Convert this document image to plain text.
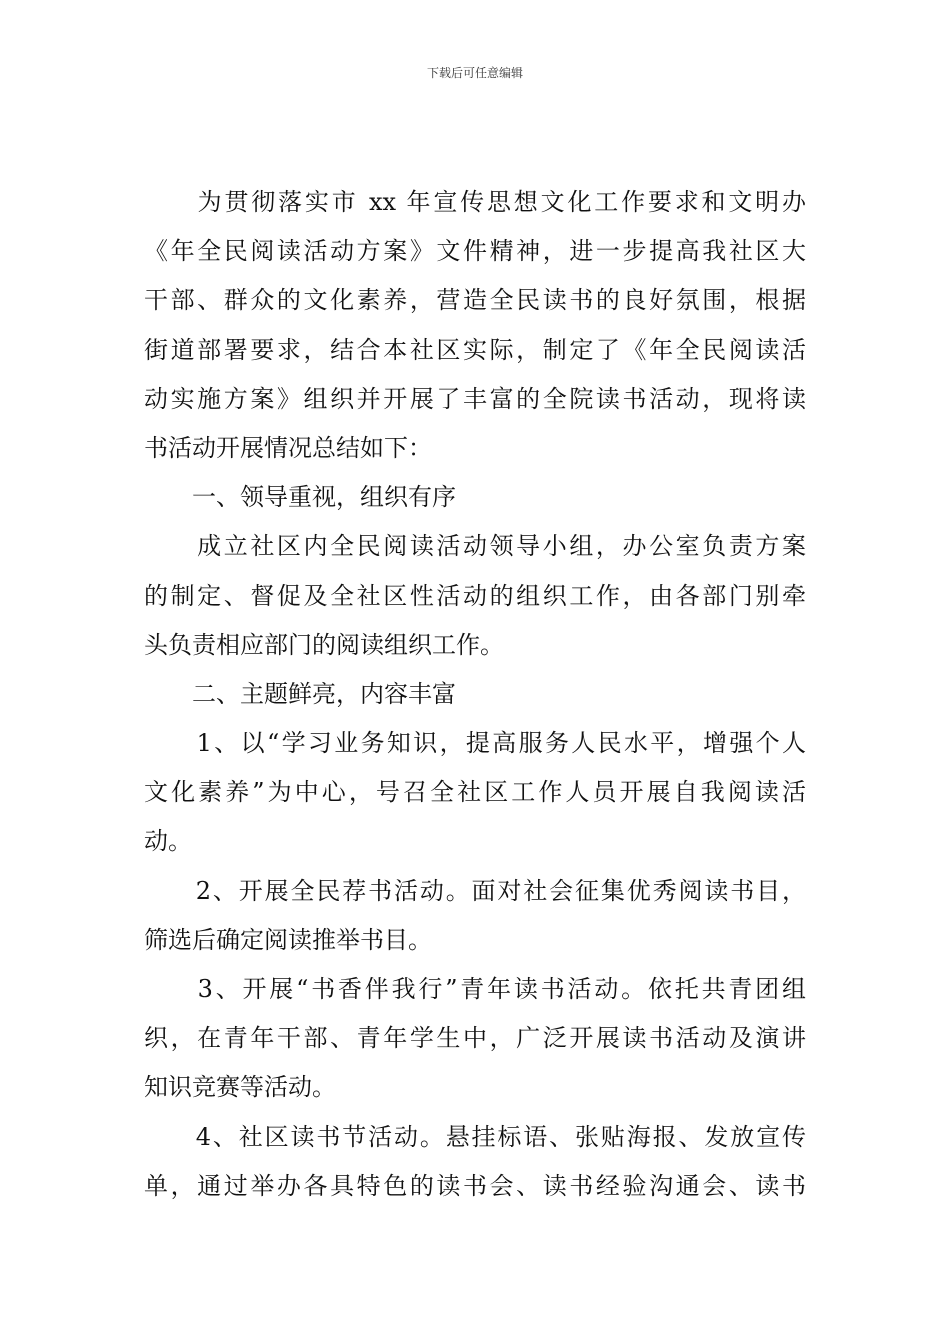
下载后可任意编辑
　　为贯彻落实市 xx 年宣传思想文化工作要求和文明办
《年全民阅读活动方案》文件精神，进一步提高我社区大
干部、群众的文化素养，营造全民读书的良好氛围，根据
街道部署要求，结合本社区实际，制定了《年全民阅读活
动实施方案》组织并开展了丰富的全院读书活动，现将读
书活动开展情况总结如下：
　　一、领导重视，组织有序
　　成立社区内全民阅读活动领导小组，办公室负责方案
的制定、督促及全社区性活动的组织工作，由各部门别牵
头负责相应部门的阅读组织工作。
　　二、主题鲜亮，内容丰富
　　1、以“学习业务知识，提高服务人民水平，增强个人
文化素养”为中心，号召全社区工作人员开展自我阅读活
动。
　　2、开展全民荐书活动。面对社会征集优秀阅读书目，
筛选后确定阅读推举书目。
　　3、开展“书香伴我行”青年读书活动。依托共青团组
织，在青年干部、青年学生中，广泛开展读书活动及演讲
知识竞赛等活动。
　　4、社区读书节活动。悬挂标语、张贴海报、发放宣传
单，通过举办各具特色的读书会、读书经验沟通会、读书
